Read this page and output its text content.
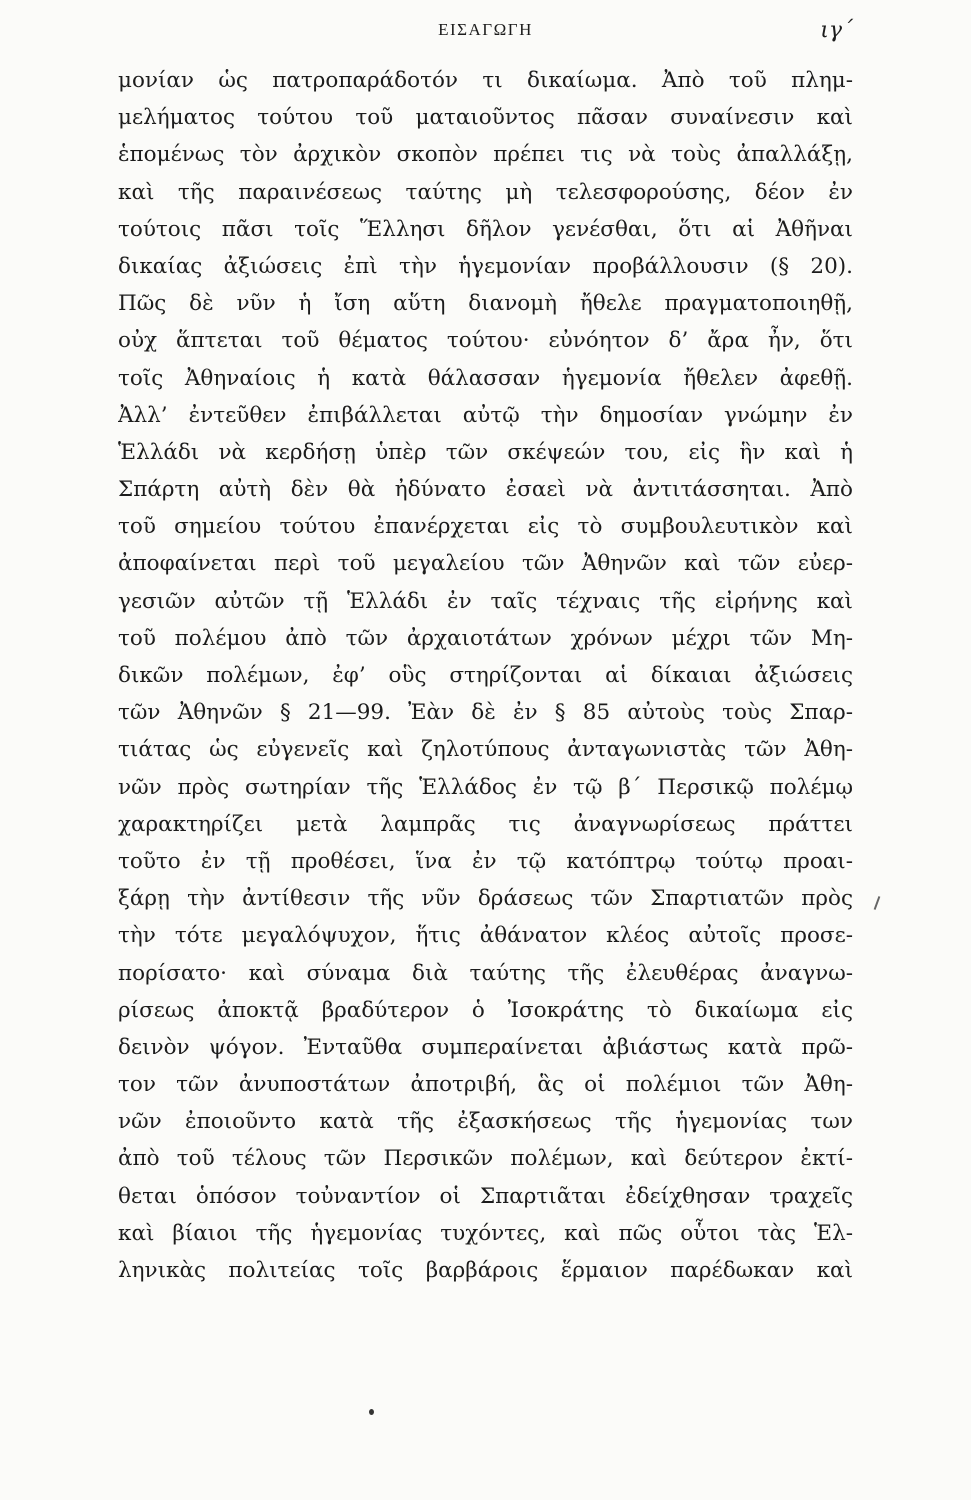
ΕΙΣΑΓΩΓΗ	ιγ΄
μονίαν ὡς πατροπαράδοτόν τι δικαίωμα. Ἀπὸ τοῦ πλημ-
μελήματος τούτου τοῦ ματαιοῦντος πᾶσαν συναίνεσιν καὶ
ἑπομένως τὸν ἀρχικὸν σκοπὸν πρέπει τις νὰ τοὺς ἀπαλλάξῃ,
καὶ τῆς παραινέσεως ταύτης μὴ τελεσφορούσης, δέον ἐν
τούτοις πᾶσι τοῖς Ἕλλησι δῆλον γενέσθαι, ὅτι αἱ Ἀθῆναι
δικαίας ἀξιώσεις ἐπὶ τὴν ἡγεμονίαν προβάλλουσιν (§ 20).
Πῶς δὲ νῦν ἡ ἴση αὕτη διανομὴ ἤθελε πραγματοποιηθῇ,
οὐχ ἅπτεται τοῦ θέματος τούτου· εὐνόητον δ’ ἄρα ἦν, ὅτι
τοῖς Ἀθηναίοις ἡ κατὰ θάλασσαν ἡγεμονία ἤθελεν ἀφεθῇ.
Ἀλλ’ ἐντεῦθεν ἐπιβάλλεται αὐτῷ τὴν δημοσίαν γνώμην ἐν
Ἑλλάδι νὰ κερδήσῃ ὑπὲρ τῶν σκέψεών του, εἰς ἣν καὶ ἡ
Σπάρτη αὐτὴ δὲν θὰ ἠδύνατο ἐσαεὶ νὰ ἀντιτάσσηται. Ἀπὸ
τοῦ σημείου τούτου ἐπανέρχεται εἰς τὸ συμβουλευτικὸν καὶ
ἀποφαίνεται περὶ τοῦ μεγαλείου τῶν Ἀθηνῶν καὶ τῶν εὐερ-
γεσιῶν αὐτῶν τῇ Ἑλλάδι ἐν ταῖς τέχναις τῆς εἰρήνης καὶ
τοῦ πολέμου ἀπὸ τῶν ἀρχαιοτάτων χρόνων μέχρι τῶν Μη-
δικῶν πολέμων, ἐφ’ οὓς στηρίζονται αἱ δίκαιαι ἀξιώσεις
τῶν Ἀθηνῶν § 21—99. Ἐὰν δὲ ἐν § 85 αὐτοὺς τοὺς Σπαρ-
τιάτας ὡς εὐγενεῖς καὶ ζηλοτύπους ἀνταγωνιστὰς τῶν Ἀθη-
νῶν πρὸς σωτηρίαν τῆς Ἑλλάδος ἐν τῷ β΄ Περσικῷ πολέμῳ
χαρακτηρίζει μετὰ λαμπρᾶς τις ἀναγνωρίσεως πράττει
τοῦτο ἐν τῇ προθέσει, ἵνα ἐν τῷ κατόπτρῳ τούτῳ προαι-
ξάρῃ τὴν ἀντίθεσιν τῆς νῦν δράσεως τῶν Σπαρτιατῶν πρὸς
τὴν τότε μεγαλόψυχον, ἥτις ἀθάνατον κλέος αὐτοῖς προσε-
πορίσατο· καὶ σύναμα διὰ ταύτης τῆς ἐλευθέρας ἀναγνω-
ρίσεως ἀποκτᾷ βραδύτερον ὁ Ἰσοκράτης τὸ δικαίωμα εἰς
δεινὸν ψόγον. Ἐνταῦθα συμπεραίνεται ἀβιάστως κατὰ πρῶ-
τον τῶν ἀνυποστάτων ἀποτριβή, ἃς οἱ πολέμιοι τῶν Ἀθη-
νῶν ἐποιοῦντο κατὰ τῆς ἐξασκήσεως τῆς ἡγεμονίας των
ἀπὸ τοῦ τέλους τῶν Περσικῶν πολέμων, καὶ δεύτερον ἐκτί-
θεται ὁπόσον τοὐναντίον οἱ Σπαρτιᾶται ἐδείχθησαν τραχεῖς
καὶ βίαιοι τῆς ἡγεμονίας τυχόντες, καὶ πῶς οὗτοι τὰς Ἑλ-
ληνικὰς πολιτείας τοῖς βαρβάροις ἕρμαιον παρέδωκαν καὶ
